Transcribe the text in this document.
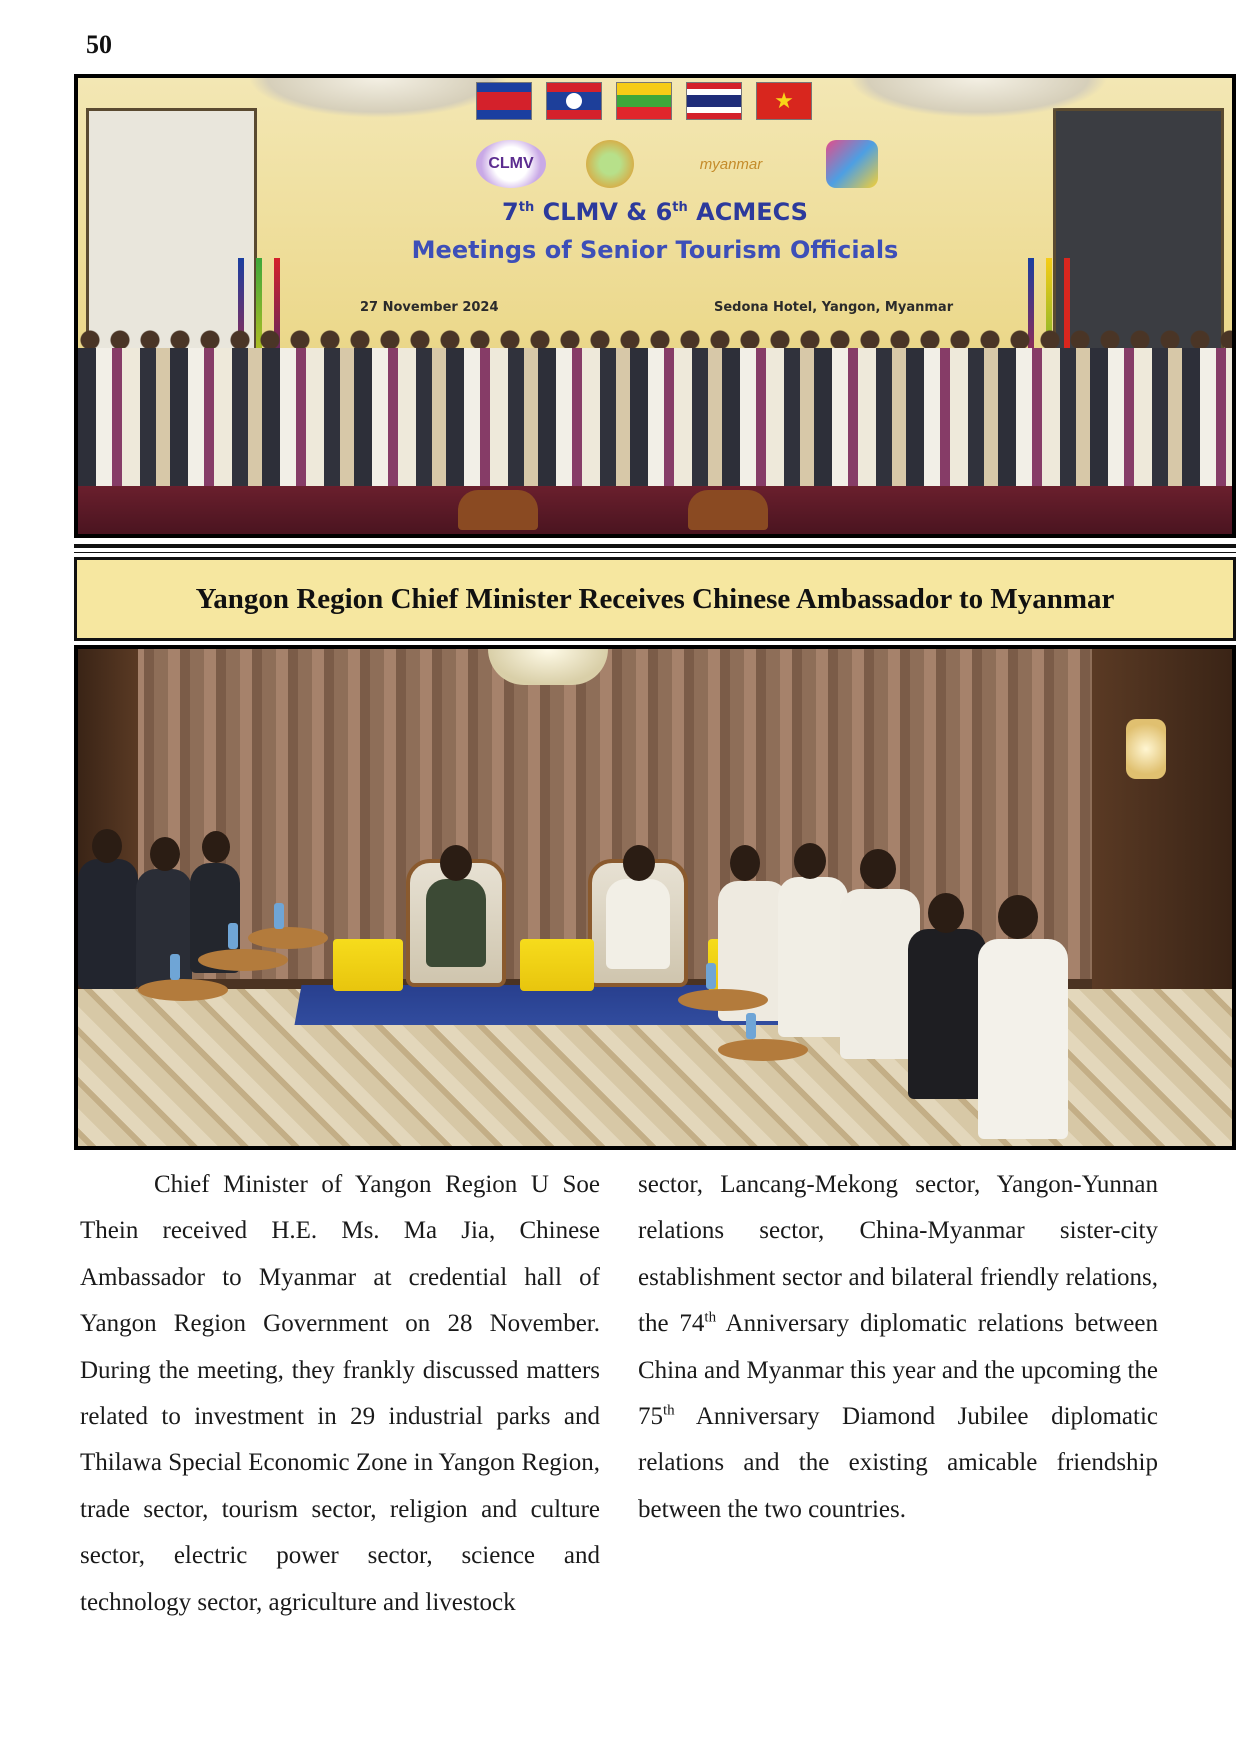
50
★
CLMV	myanmar
7th CLMV & 6th ACMECS
Meetings of Senior Tourism Officials
27 November 2024	Sedona Hotel, Yangon, Myanmar
Yangon Region Chief Minister Receives Chinese Ambassador to Myanmar

Chief Minister of Yangon Region U Soe Thein received H.E. Ms. Ma Jia, Chinese Ambassador to Myanmar at credential hall of Yangon Region Government on 28 November. During the meeting, they frankly discussed matters related to investment in 29 industrial parks and Thilawa Special Economic Zone in Yangon Region, trade sector, tourism sector, religion and culture sector, electric power sector, science and technology sector, agriculture and livestock

sector, Lancang-Mekong sector, Yangon-Yunnan relations sector, China-Myanmar sister-city establishment sector and bilateral friendly relations, the 74th Anniversary diplomatic relations between China and Myanmar this year and the upcoming the 75th Anniversary Diamond Jubilee diplomatic relations and the existing amicable friendship between the two countries.
